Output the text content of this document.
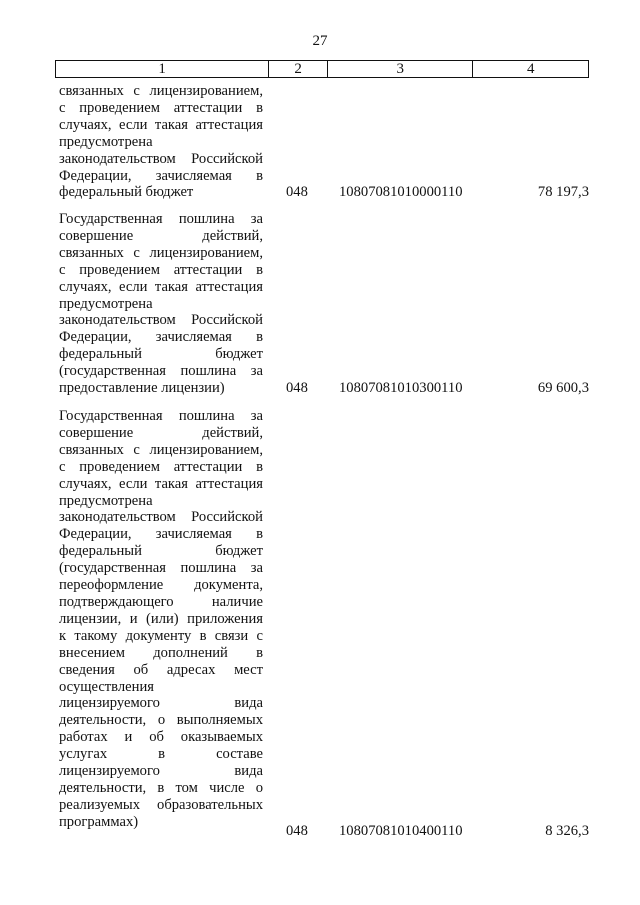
27
1	2	3	4
связанных с лицензированием,
с проведением аттестации в
случаях, если такая аттестация
предусмотрена
законодательством Российской
Федерации, зачисляемая в
федеральный бюджет	048 10807081010000110	78 197,3
Государственная пошлина за
совершение действий,
связанных с лицензированием,
с проведением аттестации в
случаях, если такая аттестация
предусмотрена
законодательством Российской
Федерации, зачисляемая в
федеральный бюджет
(государственная пошлина за
предоставление лицензии)	048 10807081010300110	69 600,3
Государственная пошлина за
совершение действий,
связанных с лицензированием,
с проведением аттестации в
случаях, если такая аттестация
предусмотрена
законодательством Российской
Федерации, зачисляемая в
федеральный бюджет
(государственная пошлина за
переоформление документа,
подтверждающего наличие
лицензии, и (или) приложения
к такому документу в связи с
внесением дополнений в
сведения об адресах мест
осуществления
лицензируемого вида
деятельности, о выполняемых
работах и об оказываемых
услугах в составе
лицензируемого вида
деятельности, в том числе о
реализуемых образовательных
программах)
048 10807081010400110	8 326,3
